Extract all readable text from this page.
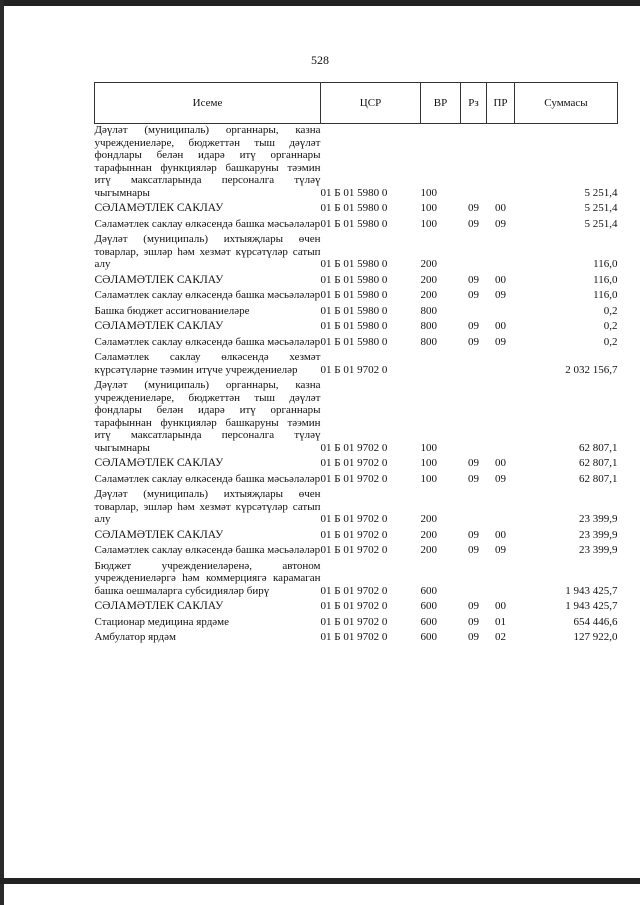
528
Исеме	ЦСР	ВР	Рз	ПР	Суммасы
Дәүләт (муниципаль) органнары, казна учреждениеләре, бюджеттән тыш дәүләт фондлары белән идарә итү органнары тарафыннан функцияләр башкаруны тәэмин итү максатларында персоналга түләү чыгымнары	01 Б 01 5980 0	100			5 251,4
СӘЛАМӘТЛЕК САКЛАУ	01 Б 01 5980 0	100	09	00	5 251,4
Сәламәтлек саклау өлкәсендә башка мәсьәләләр	01 Б 01 5980 0	100	09	09	5 251,4
Дәүләт (муниципаль) ихтыяҗлары өчен товарлар, эшләр һәм хезмәт күрсәтүләр сатып алу	01 Б 01 5980 0	200			116,0
СӘЛАМӘТЛЕК САКЛАУ	01 Б 01 5980 0	200	09	00	116,0
Сәламәтлек саклау өлкәсендә башка мәсьәләләр	01 Б 01 5980 0	200	09	09	116,0
Башка бюджет ассигнованиеләре	01 Б 01 5980 0	800			0,2
СӘЛАМӘТЛЕК САКЛАУ	01 Б 01 5980 0	800	09	00	0,2
Сәламәтлек саклау өлкәсендә башка мәсьәләләр	01 Б 01 5980 0	800	09	09	0,2
Сәламәтлек саклау өлкәсендә хезмәт күрсәтүләрне тәэмин итүче учреждениеләр	01 Б 01 9702 0				2 032 156,7
Дәүләт (муниципаль) органнары, казна учреждениеләре, бюджеттән тыш дәүләт фондлары белән идарә итү органнары тарафыннан функцияләр башкаруны тәэмин итү максатларында персоналга түләү чыгымнары	01 Б 01 9702 0	100			62 807,1
СӘЛАМӘТЛЕК САКЛАУ	01 Б 01 9702 0	100	09	00	62 807,1
Сәламәтлек саклау өлкәсендә башка мәсьәләләр	01 Б 01 9702 0	100	09	09	62 807,1
Дәүләт (муниципаль) ихтыяҗлары өчен товарлар, эшләр һәм хезмәт күрсәтүләр сатып алу	01 Б 01 9702 0	200			23 399,9
СӘЛАМӘТЛЕК САКЛАУ	01 Б 01 9702 0	200	09	00	23 399,9
Сәламәтлек саклау өлкәсендә башка мәсьәләләр	01 Б 01 9702 0	200	09	09	23 399,9
Бюджет учреждениеләренә, автоном учреждениеләргә һәм коммерциягә карамаган башка оешмаларга субсидияләр бирү	01 Б 01 9702 0	600			1 943 425,7
СӘЛАМӘТЛЕК САКЛАУ	01 Б 01 9702 0	600	09	00	1 943 425,7
Стационар медицина ярдәме	01 Б 01 9702 0	600	09	01	654 446,6
Амбулатор ярдәм	01 Б 01 9702 0	600	09	02	127 922,0
